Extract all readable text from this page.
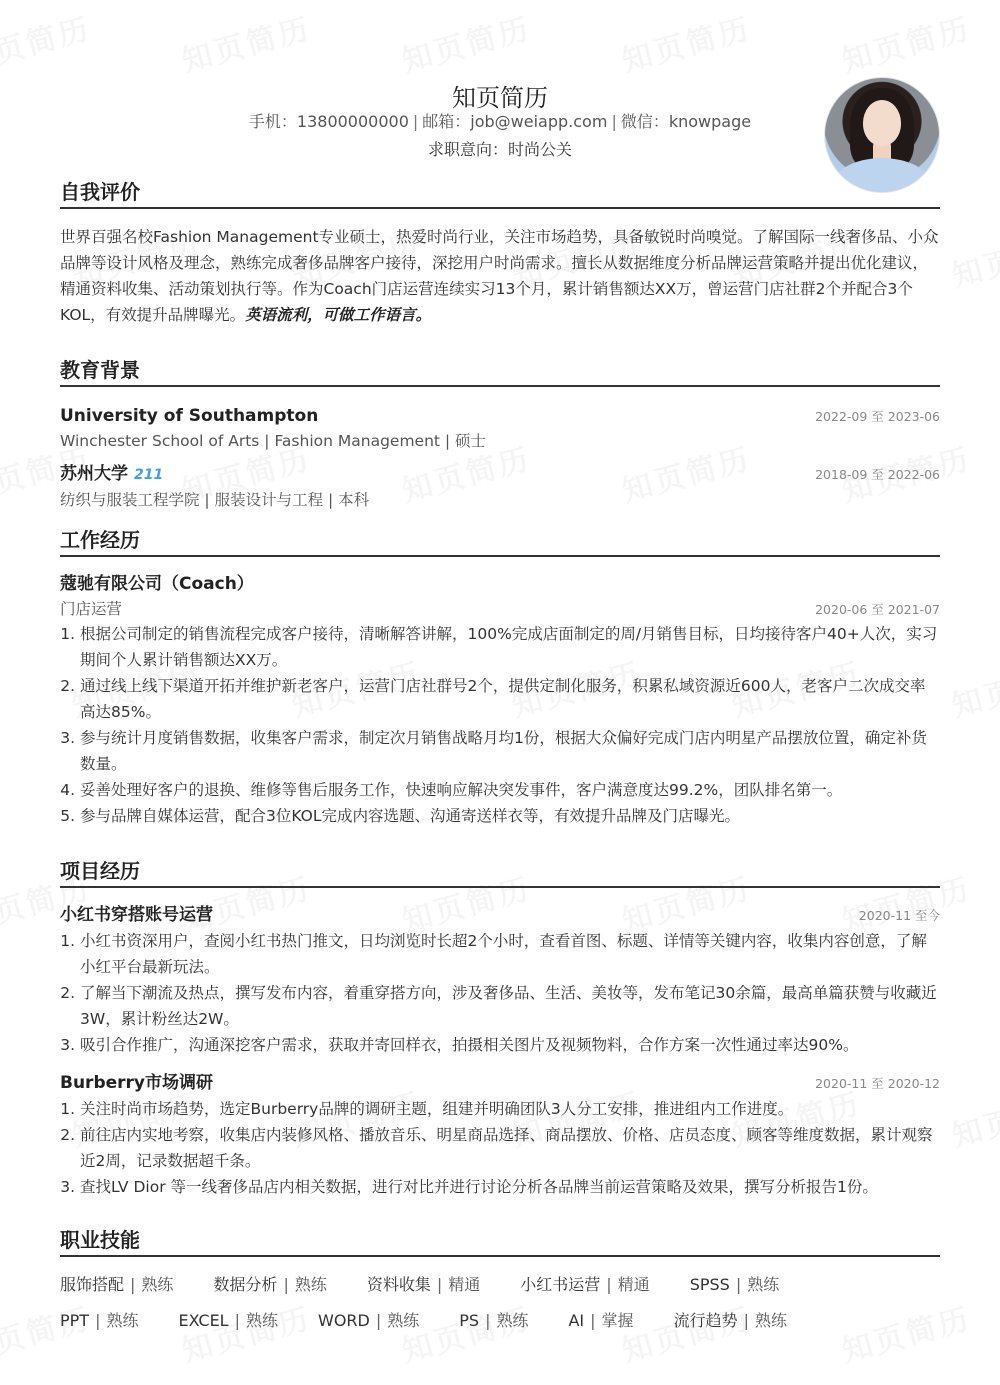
知页简历
手机：13800000000 | 邮箱：job@weiapp.com | 微信：knowpage
求职意向：时尚公关
自我评价
世界百强名校Fashion Management专业硕士，热爱时尚行业，关注市场趋势，具备敏锐时尚嗅觉。了解国际一线奢侈品、小众品牌等设计风格及理念，熟练完成奢侈品牌客户接待，深挖用户时尚需求。擅长从数据维度分析品牌运营策略并提出优化建议，精通资料收集、活动策划执行等。作为Coach门店运营连续实习13个月，累计销售额达XX万，曾运营门店社群2个并配合3个KOL，有效提升品牌曝光。英语流利，可做工作语言。
教育背景
University of Southampton	2022-09 至 2023-06
Winchester School of Arts | Fashion Management | 硕士
苏州大学 211	2018-09 至 2022-06
纺织与服装工程学院 | 服装设计与工程 | 本科
工作经历
蔻驰有限公司（Coach）
门店运营	2020-06 至 2021-07
1. 根据公司制定的销售流程完成客户接待，清晰解答讲解，100%完成店面制定的周/月销售目标，日均接待客户40+人次，实习期间个人累计销售额达XX万。
2. 通过线上线下渠道开拓并维护新老客户，运营门店社群号2个，提供定制化服务，积累私域资源近600人，老客户二次成交率高达85%。
3. 参与统计月度销售数据，收集客户需求，制定次月销售战略月均1份，根据大众偏好完成门店内明星产品摆放位置，确定补货数量。
4. 妥善处理好客户的退换、维修等售后服务工作，快速响应解决突发事件，客户满意度达99.2%，团队排名第一。
5. 参与品牌自媒体运营，配合3位KOL完成内容选题、沟通寄送样衣等，有效提升品牌及门店曝光。
项目经历
小红书穿搭账号运营	2020-11 至今
1. 小红书资深用户，查阅小红书热门推文，日均浏览时长超2个小时，查看首图、标题、详情等关键内容，收集内容创意，了解小红平台最新玩法。
2. 了解当下潮流及热点，撰写发布内容，着重穿搭方向，涉及奢侈品、生活、美妆等，发布笔记30余篇，最高单篇获赞与收藏近3W，累计粉丝达2W。
3. 吸引合作推广，沟通深挖客户需求，获取并寄回样衣，拍摄相关图片及视频物料，合作方案一次性通过率达90%。
Burberry市场调研	2020-11 至 2020-12
1. 关注时尚市场趋势，选定Burberry品牌的调研主题，组建并明确团队3人分工安排，推进组内工作进度。
2. 前往店内实地考察，收集店内装修风格、播放音乐、明星商品选择、商品摆放、价格、店员态度、顾客等维度数据，累计观察近2周，记录数据超千条。
3. 查找LV Dior 等一线奢侈品店内相关数据，进行对比并进行讨论分析各品牌当前运营策略及效果，撰写分析报告1份。
职业技能
服饰搭配 | 熟练	数据分析 | 熟练	资料收集 | 精通	小红书运营 | 精通	SPSS | 熟练
PPT | 熟练	EXCEL | 熟练	WORD | 熟练	PS | 熟练	AI | 掌握	流行趋势 | 熟练
